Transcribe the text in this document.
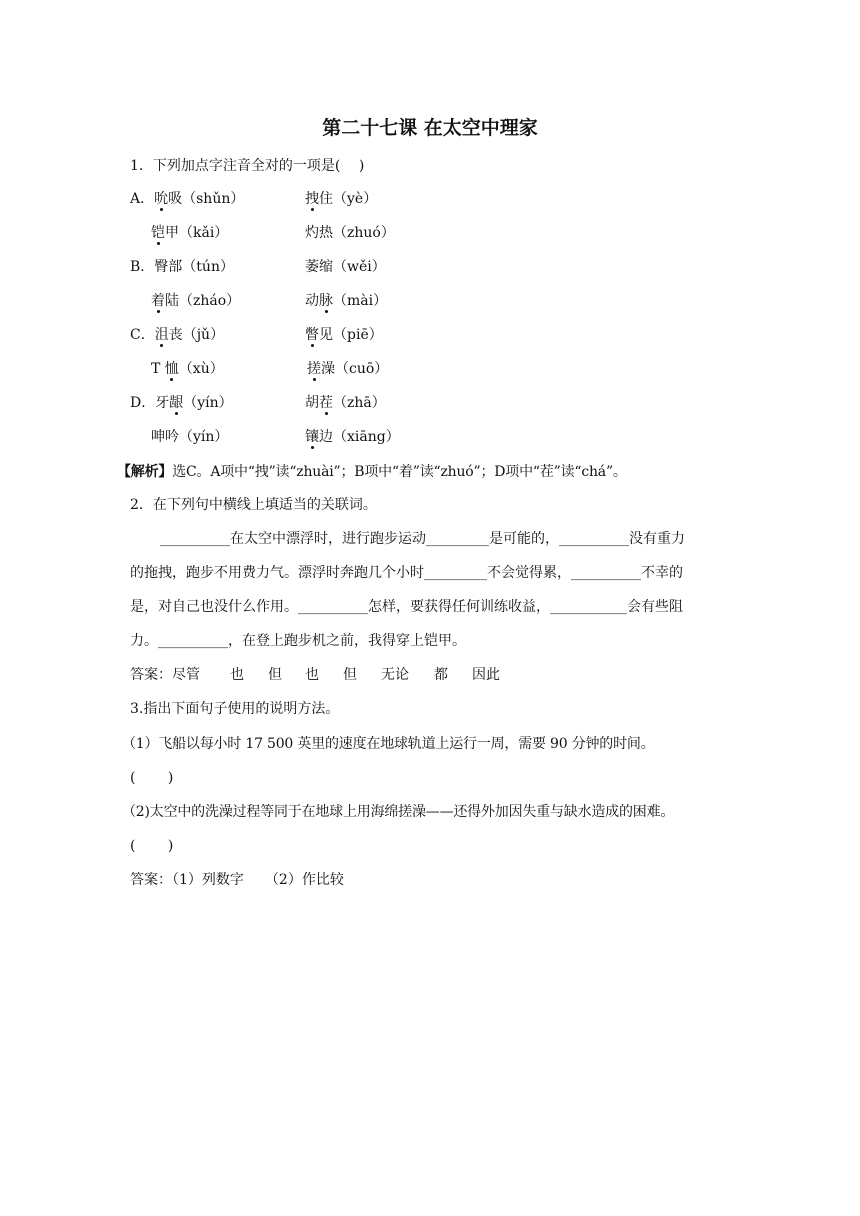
第二十七课 在太空中理家
1．下列加点字注音全对的一项是(　 )
A．吮吸（shǔn）	拽住（yè）
铠甲（kǎi）	灼热（zhuó）
B．臀部（tún）	萎缩（wěi）
着陆（zháo）	动脉（mài）
C．沮丧（jǔ）	瞥见（piē）
T 恤（xù）	搓澡（cuō）
D．牙龈（yín）	胡茬（zhā）
呻吟（yín）	镶边（xiāng）
【解析】选C。A项中“拽”读“zhuài”；B项中“着”读“zhuó”；D项中“茬”读“chá”。
2．在下列句中横线上填适当的关联词。
__________在太空中漂浮时，进行跑步运动_________是可能的，__________没有重力
的拖拽，跑步不用费力气。漂浮时奔跑几个小时_________不会觉得累，__________不幸的
是，对自己也没什么作用。__________怎样，要获得任何训练收益，___________会有些阻
力。__________，在登上跑步机之前，我得穿上铠甲。
答案：尽管 也 但 也 但 无论 都 因此
3.指出下面句子使用的说明方法。
（1）飞船以每小时 17 500 英里的速度在地球轨道上运行一周，需要 90 分钟的时间。
(　 　)
（2)太空中的洗澡过程等同于在地球上用海绵搓澡——还得外加因失重与缺水造成的困难。
(　 　)
答案：（1）列数字　　（2）作比较
